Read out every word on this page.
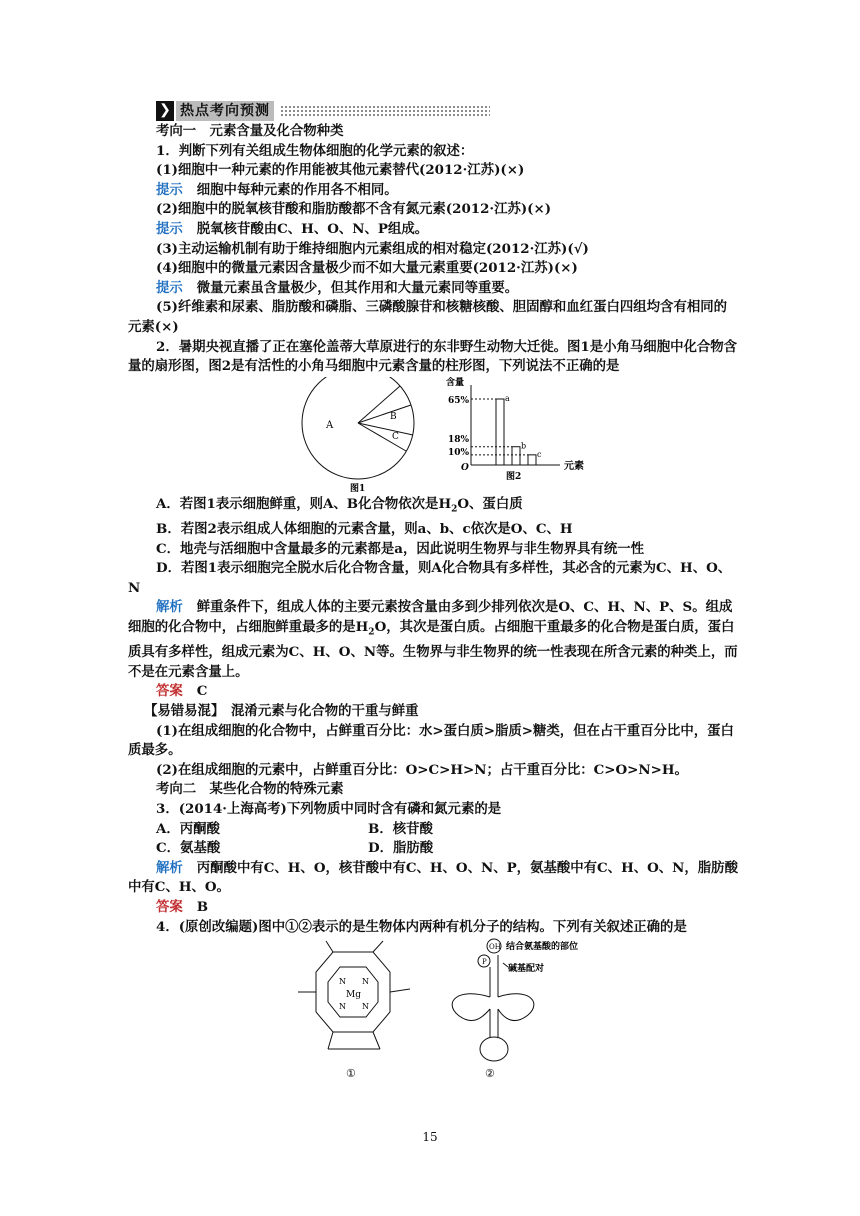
❯ 热点考向预测
考向一　元素含量及化合物种类
1．判断下列有关组成生物体细胞的化学元素的叙述：
(1)细胞中一种元素的作用能被其他元素替代(2012·江苏)(×)
提示 细胞中每种元素的作用各不相同。
(2)细胞中的脱氧核苷酸和脂肪酸都不含有氮元素(2012·江苏)(×)
提示 脱氧核苷酸由C、H、O、N、P组成。
(3)主动运输机制有助于维持细胞内元素组成的相对稳定(2012·江苏)(√)
(4)细胞中的微量元素因含量极少而不如大量元素重要(2012·江苏)(×)
提示 微量元素虽含量极少，但其作用和大量元素同等重要。
(5)纤维素和尿素、脂肪酸和磷脂、三磷酸腺苷和核糖核酸、胆固醇和血红蛋白四组均含有相同的元素(×)
2．暑期央视直播了正在塞伦盖蒂大草原进行的东非野生动物大迁徙。图1是小角马细胞中化合物含量的扇形图，图2是有活性的小角马细胞中元素含量的柱形图，下列说法不正确的是
A
B
C
图1
含量
元素
65%
18%
10%
O
图2
a
b
c
A．若图1表示细胞鲜重，则A、B化合物依次是$H_2O$、蛋白质
B．若图2表示组成人体细胞的元素含量，则a、b、c依次是O、C、H
C．地壳与活细胞中含量最多的元素都是a，因此说明生物界与非生物界具有统一性
D．若图1表示细胞完全脱水后化合物含量，则A化合物具有多样性，其必含的元素为C、H、O、N
解析 鲜重条件下，组成人体的主要元素按含量由多到少排列依次是O、C、H、N、P、S。组成细胞的化合物中，占细胞鲜重最多的是$H_2O$，其次是蛋白质。占细胞干重最多的化合物是蛋白质，蛋白质具有多样性，组成元素为C、H、O、N等。生物界与非生物界的统一性表现在所含元素的种类上，而不是在元素含量上。
答案 C
【易错易混】　混淆元素与化合物的干重与鲜重
(1)在组成细胞的化合物中，占鲜重百分比：水>蛋白质>脂质>糖类，但在占干重百分比中，蛋白质最多。
(2)在组成细胞的元素中，占鲜重百分比：O>C>H>N；占干重百分比：C>O>N>H。
考向二　某些化合物的特殊元素
3．(2014·上海高考)下列物质中同时含有磷和氮元素的是
A．丙酮酸	B．核苷酸
C．氨基酸	D．脂肪酸
解析 丙酮酸中有C、H、O，核苷酸中有C、H、O、N、P，氨基酸中有C、H、O、N，脂肪酸中有C、H、O。
答案 B
4．(原创改编题)图中①②表示的是生物体内两种有机分子的结构。下列有关叙述正确的是
N N
N N
Mg
①
OH
P
结合氨基酸的部位
碱基配对
②
15
